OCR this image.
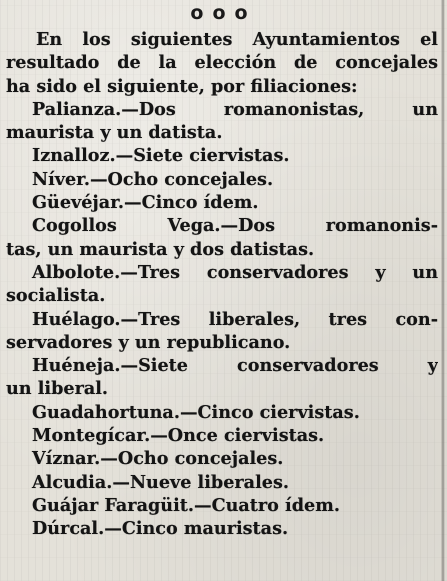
ooo
En los siguientes Ayuntamientos el
resultado de la elección de concejales
ha sido el siguiente, por filiaciones:
Palianza.—Dos romanonistas, un
maurista y un datista.
Iznalloz.—Siete ciervistas.
Níver.—Ocho concejales.
Güevéjar.—Cinco ídem.
Cogollos Vega.—Dos romanonis-
tas, un maurista y dos datistas.
Albolote.—Tres conservadores y un
socialista.
Huélago.—Tres liberales, tres con-
servadores y un republicano.
Huéneja.—Siete conservadores y
un liberal.
Guadahortuna.—Cinco ciervistas.
Montegícar.—Once ciervistas.
Víznar.—Ocho concejales.
Alcudia.—Nueve liberales.
Guájar Faragüit.—Cuatro ídem.
Dúrcal.—Cinco mauristas.
